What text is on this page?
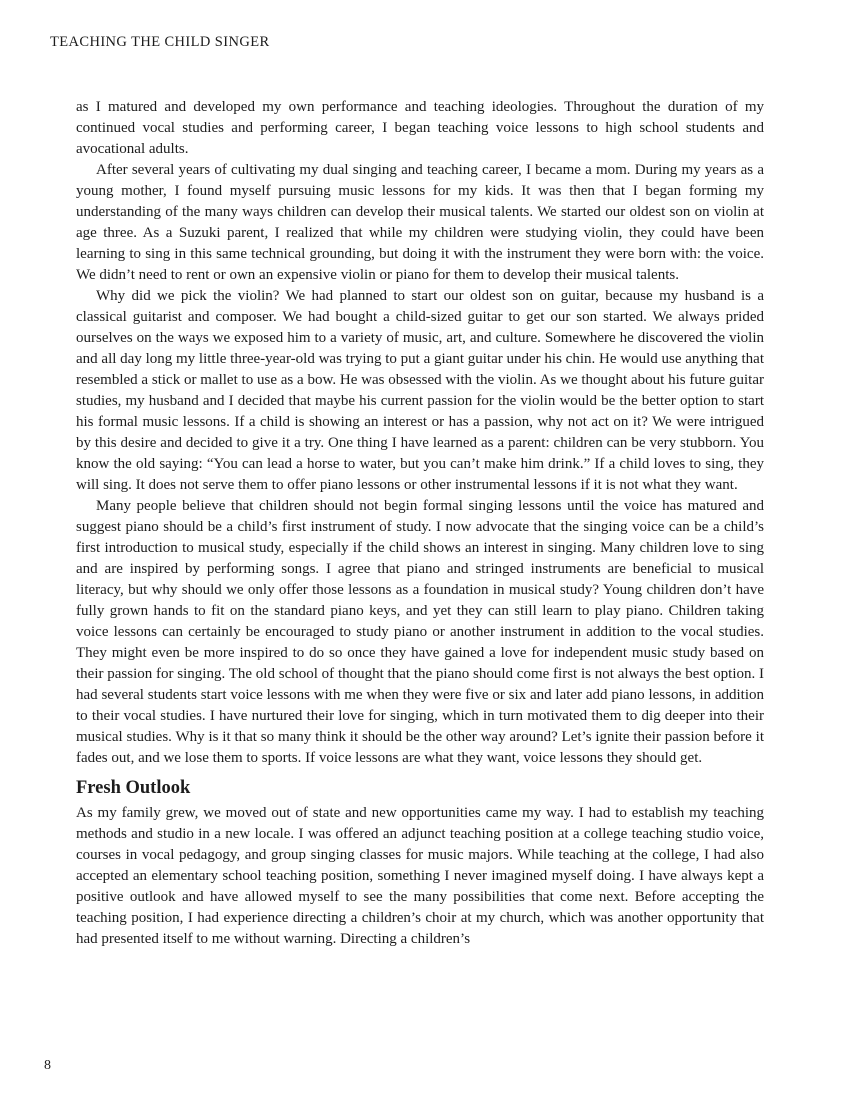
TEACHING THE CHILD SINGER

as I matured and developed my own performance and teaching ideologies. Throughout the duration of my continued vocal studies and performing career, I began teaching voice lessons to high school students and avocational adults.

After several years of cultivating my dual singing and teaching career, I became a mom. During my years as a young mother, I found myself pursuing music lessons for my kids. It was then that I began forming my understanding of the many ways children can develop their musical talents. We started our oldest son on violin at age three. As a Suzuki parent, I realized that while my children were studying violin, they could have been learning to sing in this same technical grounding, but doing it with the instrument they were born with: the voice. We didn’t need to rent or own an expensive violin or piano for them to develop their musical talents.

Why did we pick the violin? We had planned to start our oldest son on guitar, because my husband is a classical guitarist and composer. We had bought a child-sized guitar to get our son started. We always prided ourselves on the ways we exposed him to a variety of music, art, and culture. Somewhere he discovered the violin and all day long my little three-year-old was trying to put a giant guitar under his chin. He would use anything that resembled a stick or mallet to use as a bow. He was obsessed with the violin. As we thought about his future guitar studies, my husband and I decided that maybe his current passion for the violin would be the better option to start his formal music lessons. If a child is showing an interest or has a passion, why not act on it? We were intrigued by this desire and decided to give it a try. One thing I have learned as a parent: children can be very stubborn. You know the old saying: “You can lead a horse to water, but you can’t make him drink.” If a child loves to sing, they will sing. It does not serve them to offer piano lessons or other instrumental lessons if it is not what they want.

Many people believe that children should not begin formal singing lessons until the voice has matured and suggest piano should be a child’s first instrument of study. I now advocate that the singing voice can be a child’s first introduction to musical study, especially if the child shows an interest in singing. Many children love to sing and are inspired by performing songs. I agree that piano and stringed instruments are beneficial to musical literacy, but why should we only offer those lessons as a foundation in musical study? Young children don’t have fully grown hands to fit on the standard piano keys, and yet they can still learn to play piano. Children taking voice lessons can certainly be encouraged to study piano or another instrument in addition to the vocal studies. They might even be more inspired to do so once they have gained a love for independent music study based on their passion for singing. The old school of thought that the piano should come first is not always the best option. I had several students start voice lessons with me when they were five or six and later add piano lessons, in addition to their vocal studies. I have nurtured their love for singing, which in turn motivated them to dig deeper into their musical studies. Why is it that so many think it should be the other way around? Let’s ignite their passion before it fades out, and we lose them to sports. If voice lessons are what they want, voice lessons they should get.

Fresh Outlook

As my family grew, we moved out of state and new opportunities came my way. I had to establish my teaching methods and studio in a new locale. I was offered an adjunct teaching position at a college teaching studio voice, courses in vocal pedagogy, and group singing classes for music majors. While teaching at the college, I had also accepted an elementary school teaching position, something I never imagined myself doing. I have always kept a positive outlook and have allowed myself to see the many possibilities that come next. Before accepting the teaching position, I had experience directing a children’s choir at my church, which was another opportunity that had presented itself to me without warning. Directing a children’s

8
